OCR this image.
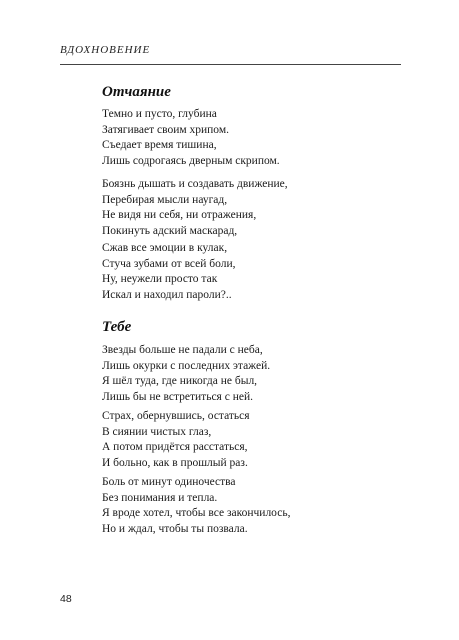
ВДОХНОВЕНИЕ
Отчаяние
Темно и пусто, глубина
Затягивает своим хрипом.
Съедает время тишина,
Лишь содрогаясь дверным скрипом.
Боязнь дышать и создавать движение,
Перебирая мысли наугад,
Не видя ни себя, ни отражения,
Покинуть адский маскарад,
Сжав все эмоции в кулак,
Стуча зубами от всей боли,
Ну, неужели просто так
Искал и находил пароли?..
Тебе
Звезды больше не падали с неба,
Лишь окурки с последних этажей.
Я шёл туда, где никогда не был,
Лишь бы не встретиться с ней.
Страх, обернувшись, остаться
В сиянии чистых глаз,
А потом придётся расстаться,
И больно, как в прошлый раз.
Боль от минут одиночества
Без понимания и тепла.
Я вроде хотел, чтобы все закончилось,
Но и ждал, чтобы ты позвала.
48
